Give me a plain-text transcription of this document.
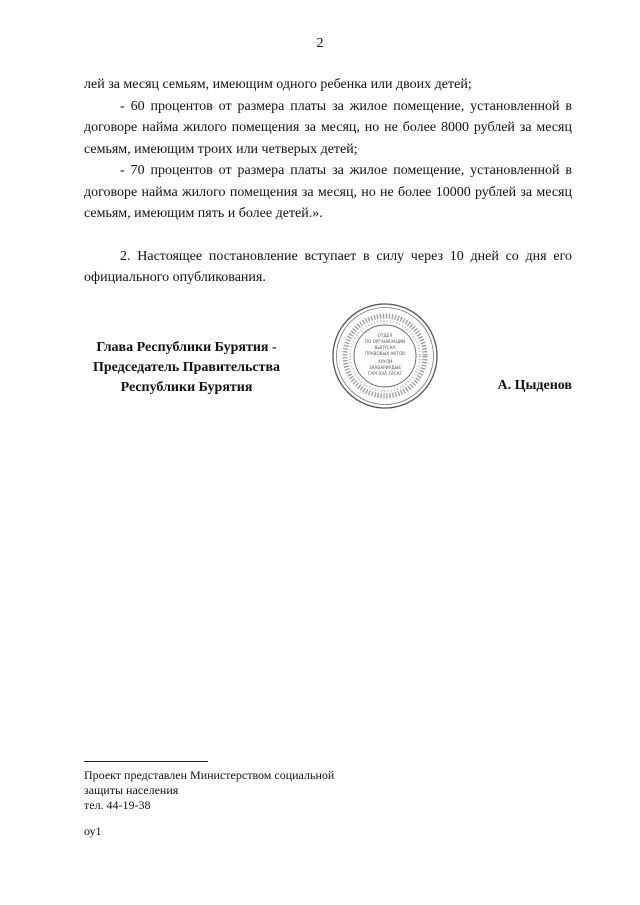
2

лей за месяц семьям, имеющим одного ребенка или двоих детей;

- 60 процентов от размера платы за жилое помещение, установленной в договоре найма жилого помещения за месяц, но не более 8000 рублей за месяц семьям, имеющим троих или четверых детей;

- 70 процентов от размера платы за жилое помещение, установленной в договоре найма жилого помещения за месяц, но не более 10000 рублей за месяц семьям, имеющим пять и более детей.».

2. Настоящее постановление вступает в силу через 10 дней со дня его официального опубликования.

Глава Республики Бурятия -
Председатель Правительства
Республики Бурятия
ОТДЕЛ
ПО ОРГАНИЗАЦИИ
ВЫПУСКА
ПРАВОВЫХ АКТОВ
ХУУЛИ
ЗААБАРИУДЫЕ
ГАРГАХА ТАСАГ
А. Цыденов
Проект представлен Министерством социальной
защиты населения
тел. 44-19-38
оу1
